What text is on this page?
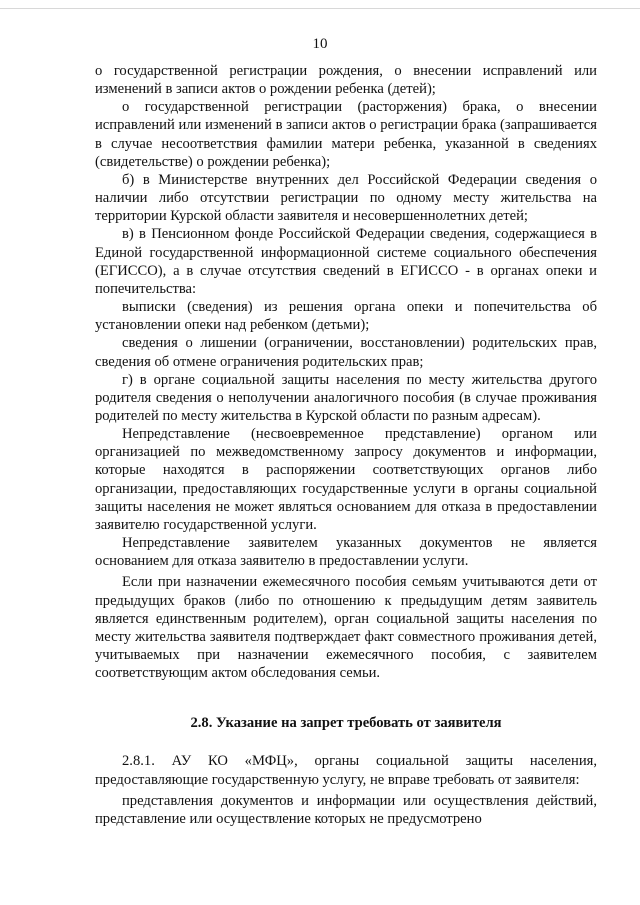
10

о государственной регистрации рождения, о внесении исправлений или изменений в записи актов о рождении ребенка (детей);

о государственной регистрации (расторжения) брака, о внесении исправлений или изменений в записи актов о регистрации брака (запрашивается в случае несоответствия фамилии матери ребенка, указанной в сведениях (свидетельстве) о рождении ребенка);

б) в Министерстве внутренних дел Российской Федерации сведения о наличии либо отсутствии регистрации по одному месту жительства на территории Курской области заявителя и несовершеннолетних детей;

в) в Пенсионном фонде Российской Федерации сведения, содержащиеся в Единой государственной информационной системе социального обеспечения (ЕГИССО), а в случае отсутствия сведений в ЕГИССО - в органах опеки и попечительства:

выписки (сведения) из решения органа опеки и попечительства об установлении опеки над ребенком (детьми);

сведения о лишении (ограничении, восстановлении) родительских прав, сведения об отмене ограничения родительских прав;

г) в органе социальной защиты населения по месту жительства другого родителя сведения о неполучении аналогичного пособия (в случае проживания родителей по месту жительства в Курской области по разным адресам).

Непредставление (несвоевременное представление) органом или организацией по межведомственному запросу документов и информации, которые находятся в распоряжении соответствующих органов либо организации, предоставляющих государственные услуги в органы социальной защиты населения не может являться основанием для отказа в предоставлении заявителю государственной услуги.

Непредставление заявителем указанных документов не является основанием для отказа заявителю в предоставлении услуги.

Если при назначении ежемесячного пособия семьям учитываются дети от предыдущих браков (либо по отношению к предыдущим детям заявитель является единственным родителем), орган социальной защиты населения по месту жительства заявителя подтверждает факт совместного проживания детей, учитываемых при назначении ежемесячного пособия, с заявителем соответствующим актом обследования семьи.

2.8. Указание на запрет требовать от заявителя

2.8.1. АУ КО «МФЦ», органы социальной защиты населения, предоставляющие государственную услугу, не вправе требовать от заявителя:

представления документов и информации или осуществления действий, представление или осуществление которых не предусмотрено
